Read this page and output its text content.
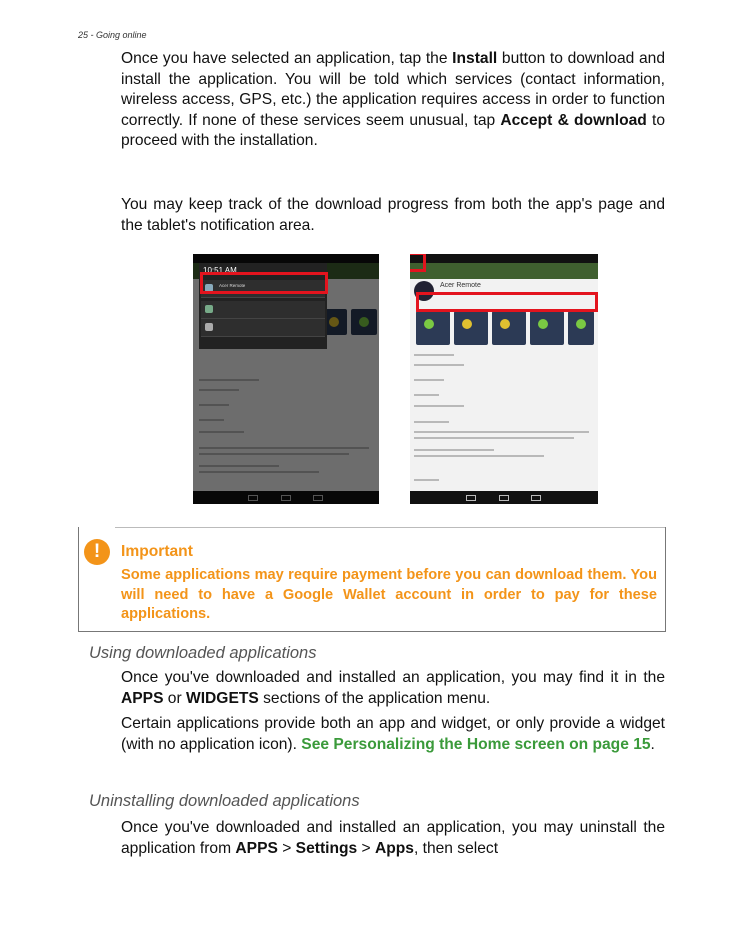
25 - Going online

Once you have selected an application, tap the Install button to download and install the application. You will be told which services (contact information, wireless access, GPS, etc.) the application requires access in order to function correctly. If none of these services seem unusual, tap Accept & download to proceed with the installation.

You may keep track of the download progress from both the app's page and the tablet's notification area.

10:51 AM
Acer Remote	Acer Remote
!	Important
Some applications may require payment before you can download them. You will need to have a Google Wallet account in order to pay for these applications.
Using downloaded applications

Once you've downloaded and installed an application, you may find it in the APPS or WIDGETS sections of the application menu.

Certain applications provide both an app and widget, or only provide a widget (with no application icon). See Personalizing the Home screen on page 15.

Uninstalling downloaded applications

Once you've downloaded and installed an application, you may uninstall the application from APPS > Settings > Apps, then select
